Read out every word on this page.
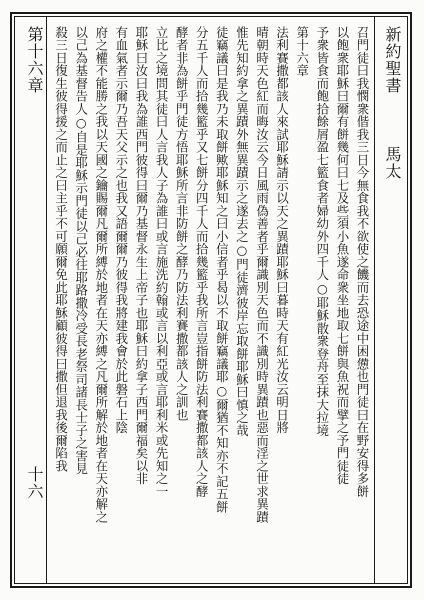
新約聖書
馬太
第十六章
十六	召門徒曰我憫衆偕我三日今無食我不欲使之饑而去恐途中困憊也門徒曰在野安得多餅
以飽衆耶穌曰爾有餅幾何曰七及些須小魚遂命衆坐地取七餅與魚祝而擘之予門徒徒
予衆皆食而飽拾餘屑盈七籃食者婦幼外四千人○耶穌散衆登舟至抹大拉境
第十六章
法利賽撒都該人來試耶穌請示以天之異蹟耶穌曰暮時天有紅光汝云明日將
晴朝時天色紅而晦汝云今日風雨偽善者乎爾識別天色而不識別時異蹟也惡而淫之世求異蹟
惟先知約拿之異蹟外無異蹟示之遂去之○門徒濟彼岸忘取餅耶穌曰慎之哉
徒竊議曰是我乃未取餅歟耶穌知之曰小信者乎曷以不取餅竊議耶○爾猶不知亦不記五餅
分五千人而拾幾籃乎又七餅分四千人而拾幾籃乎我所言豈指餅防法利賽撒都該人之酵
酵者非為餅乎門徒方悟耶穌所言非防餅之酵乃防法利賽撒都該人之訓也
立比之境問其徒曰人言我人子為誰曰或言施洗約翰或言以利亞或言耶利米或先知之一
耶穌曰汝曰我為誰西門彼得曰爾乃基督永生上帝子也耶穌曰約拿子西門爾福矣以非
有血氣者示爾乃吾天父示之也我又語爾爾乃彼得我將建我會於此磐石上陰
府之權不能勝之我以天國之鑰賜爾凡爾所縛於地者在天亦縛之凡爾所解於地者在天亦解之
以己為基督告人○自是耶穌示門徒以己必往耶路撒冷受長老祭司諸長士子之害見
殺三日復生彼得援之而止之曰主乎不可願爾免此耶穌顧彼得曰撒但退我後爾陷我
